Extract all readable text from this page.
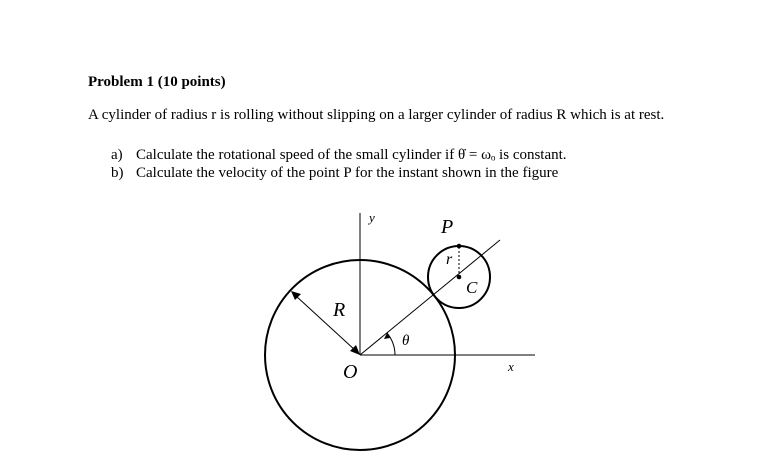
Problem 1 (10 points)
A cylinder of radius r is rolling without slipping on a larger cylinder of radius R which is at rest.
a) Calculate the rotational speed of the small cylinder if θ̇ = ωₒ is constant.
b) Calculate the velocity of the point P for the instant shown in the figure
y
x
O
R
r
θ
P
C
